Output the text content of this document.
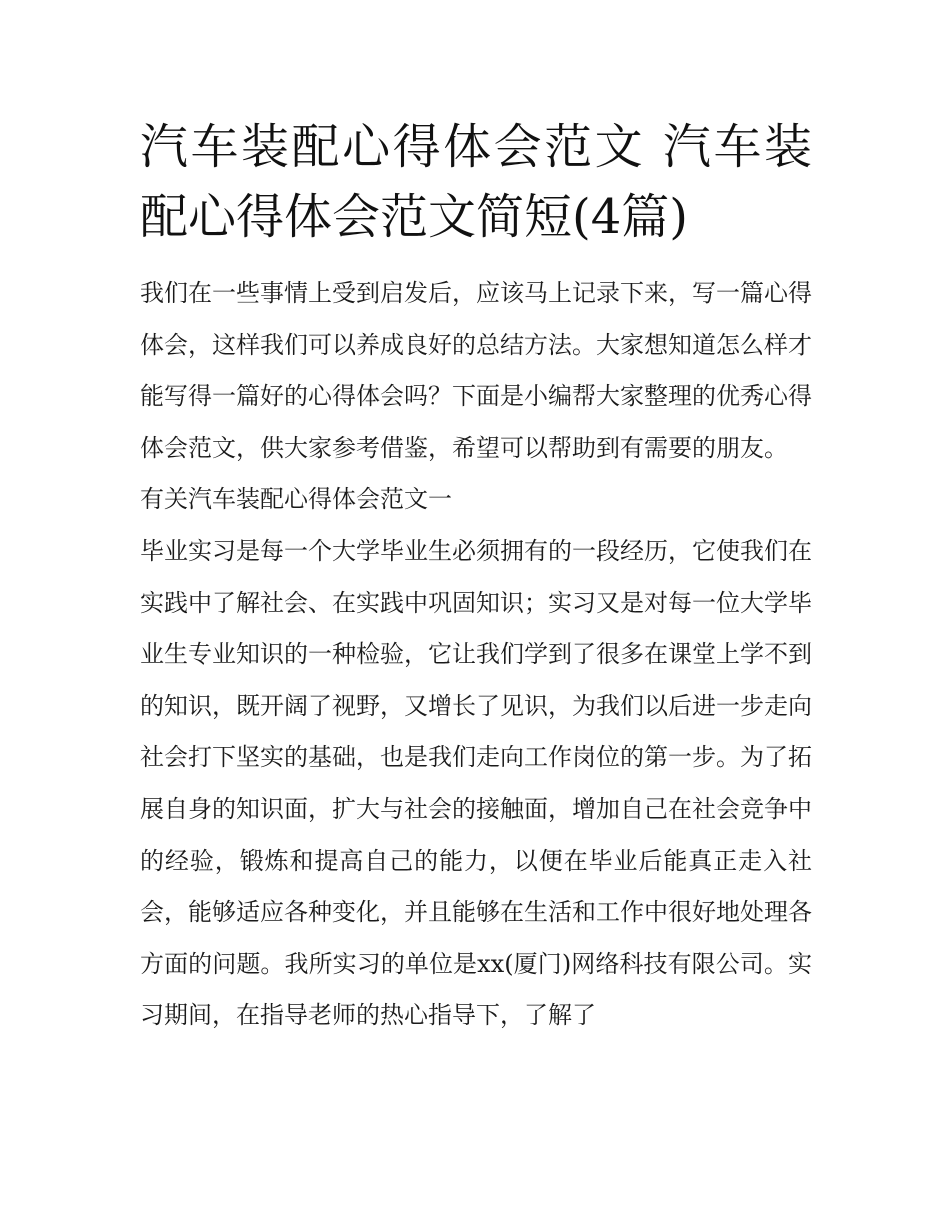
汽车装配心得体会范文 汽车装配心得体会范文简短(4篇)

我们在一些事情上受到启发后，应该马上记录下来，写一篇心得体会，这样我们可以养成良好的总结方法。大家想知道怎么样才能写得一篇好的心得体会吗？下面是小编帮大家整理的优秀心得体会范文，供大家参考借鉴，希望可以帮助到有需要的朋友。

有关汽车装配心得体会范文一

毕业实习是每一个大学毕业生必须拥有的一段经历，它使我们在实践中了解社会、在实践中巩固知识；实习又是对每一位大学毕业生专业知识的一种检验，它让我们学到了很多在课堂上学不到的知识，既开阔了视野，又增长了见识，为我们以后进一步走向社会打下坚实的基础，也是我们走向工作岗位的第一步。为了拓展自身的知识面，扩大与社会的接触面，增加自己在社会竞争中的经验，锻炼和提高自己的能力，以便在毕业后能真正走入社会，能够适应各种变化，并且能够在生活和工作中很好地处理各方面的问题。我所实习的单位是xx(厦门)网络科技有限公司。实习期间，在指导老师的热心指导下，了解了
